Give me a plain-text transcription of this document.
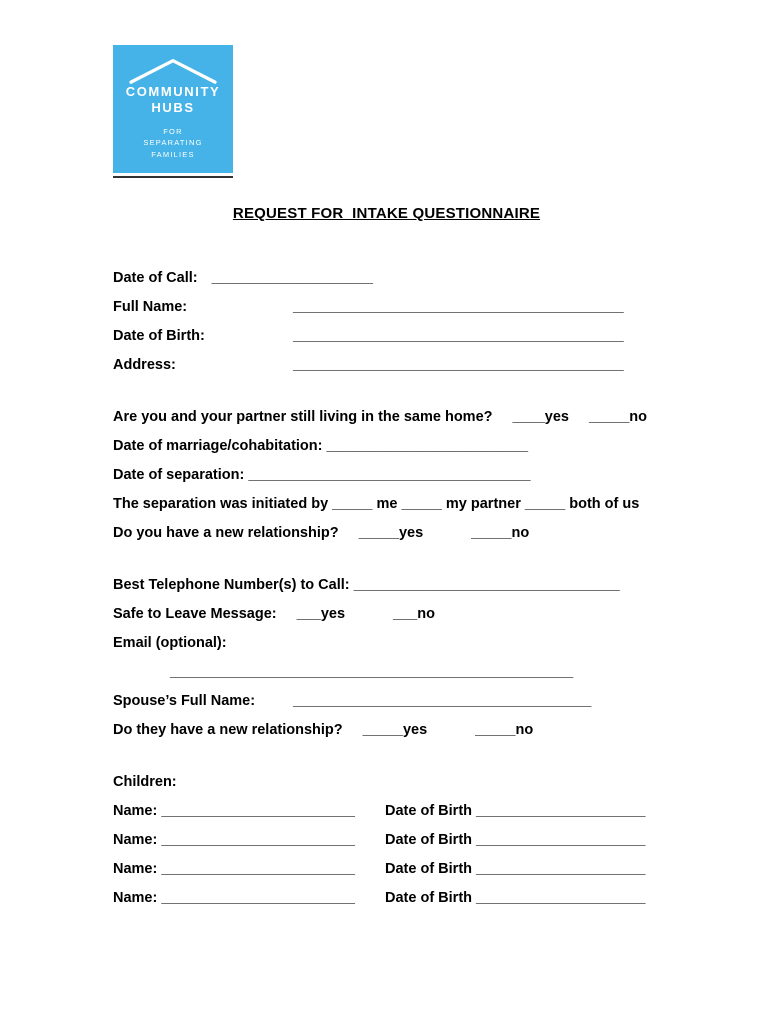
COMMUNITY
HUBS
FOR
SEPARATING
FAMILIES
REQUEST FOR  INTAKE QUESTIONNAIRE
Date of Call: ____________________
Full Name:	_________________________________________
Date of Birth:	_________________________________________
Address:	_________________________________________
Are you and your partner still living in the same home? ____yes _____no
Date of marriage/cohabitation: _________________________
Date of separation: ___________________________________
The separation was initiated by _____ me _____ my partner _____ both of us
Do you have a new relationship? _____yes	_____no
Best Telephone Number(s) to Call: _________________________________
Safe to Leave Message: ___yes	___no
Email (optional):
__________________________________________________
Spouse’s Full Name:	_____________________________________
Do they have a new relationship? _____yes	_____no
Children:
Name: ________________________ Date of Birth _____________________
Name: ________________________ Date of Birth _____________________
Name: ________________________ Date of Birth _____________________
Name: ________________________ Date of Birth _____________________
